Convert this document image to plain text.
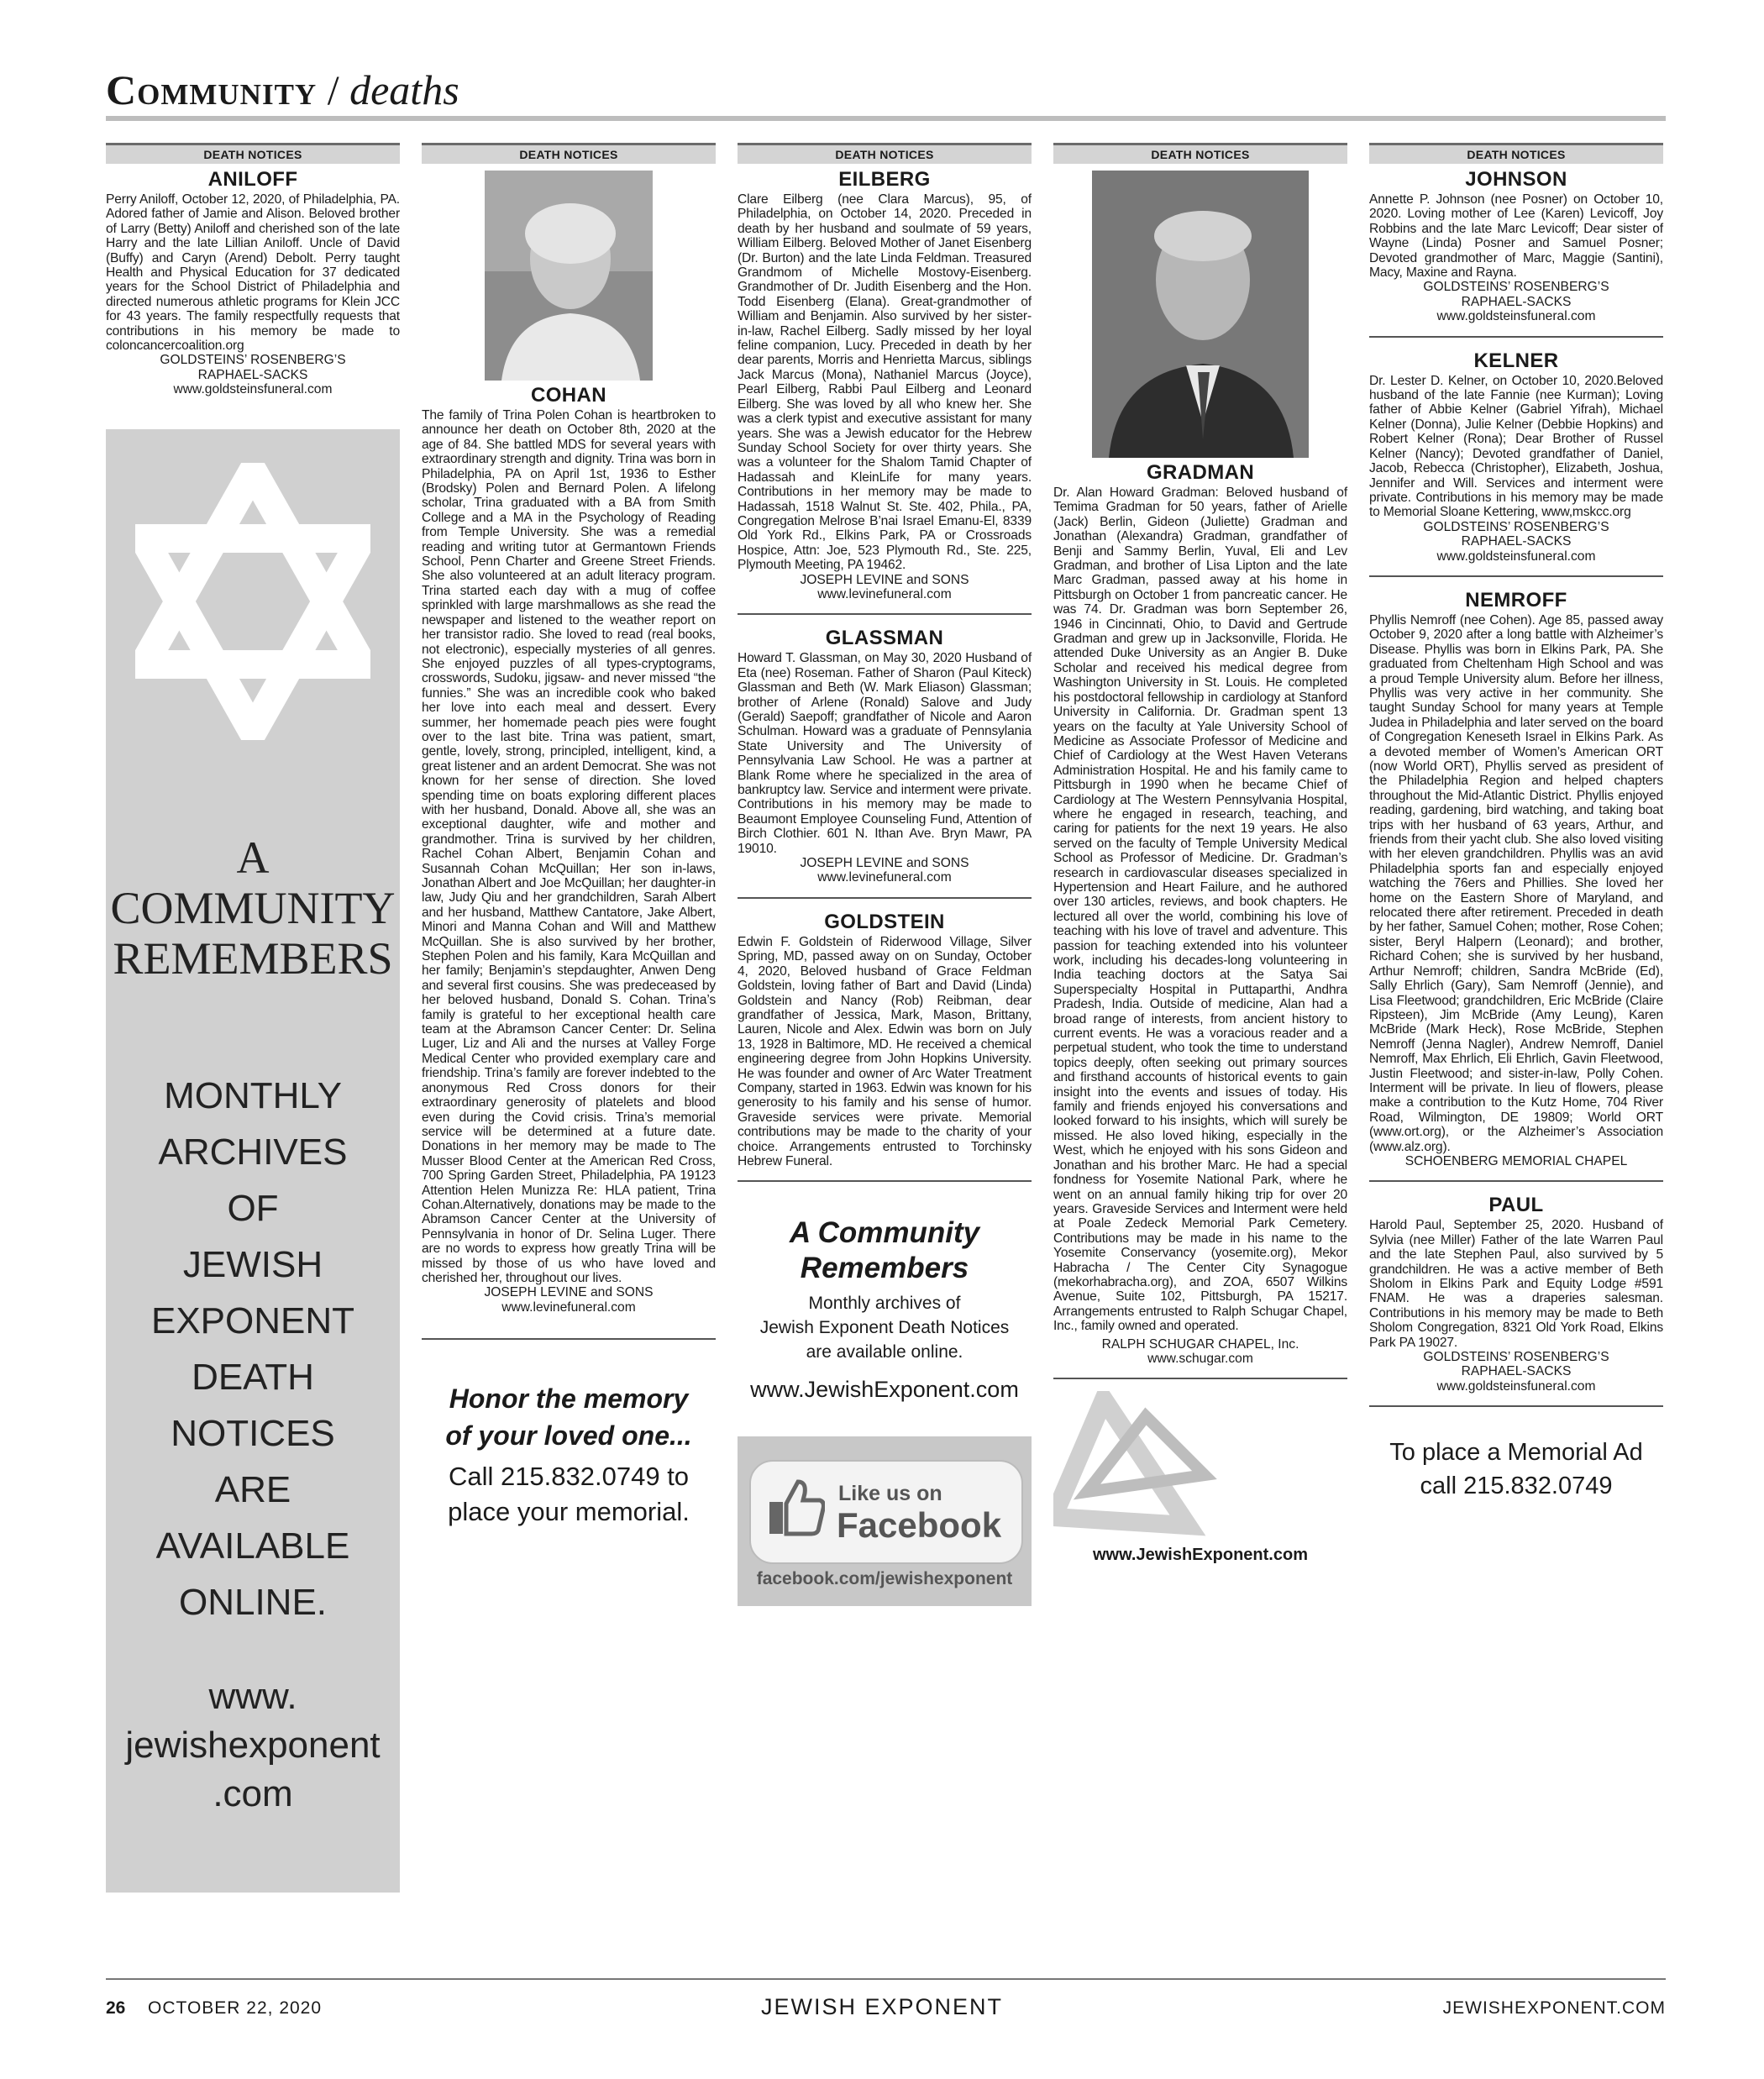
Community / deaths
DEATH NOTICES
ANILOFF

Perry Aniloff, October 12, 2020, of Philadelphia, PA. Adored father of Jamie and Alison. Beloved brother of Larry (Betty) Aniloff and cherished son of the late Harry and the late Lillian Aniloff. Uncle of David (Buffy) and Caryn (Arend) Debolt. Perry taught Health and Physical Education for 37 dedicated years for the School District of Philadelphia and directed numerous athletic programs for Klein JCC for 43 years. The family respectfully requests that contributions in his memory be made to coloncancercoalition.org

GOLDSTEINS’ ROSENBERG’S
RAPHAEL-SACKS
www.goldsteinsfuneral.com
A
COMMUNITY
REMEMBERS
MONTHLY
ARCHIVES
OF
JEWISH
EXPONENT
DEATH
NOTICES
ARE
AVAILABLE
ONLINE.
www.
jewishexponent
.com
DEATH NOTICES
COHAN

The family of Trina Polen Cohan is heartbroken to announce her death on October 8th, 2020 at the age of 84. She battled MDS for several years with extraordinary strength and dignity. Trina was born in Philadelphia, PA on April 1st, 1936 to Esther (Brodsky) Polen and Bernard Polen. A lifelong scholar, Trina graduated with a BA from Smith College and a MA in the Psychology of Reading from Temple University. She was a remedial reading and writing tutor at Germantown Friends School, Penn Charter and Greene Street Friends. She also volunteered at an adult literacy program. Trina started each day with a mug of coffee sprinkled with large marshmallows as she read the newspaper and listened to the weather report on her transistor radio. She loved to read (real books, not electronic), especially mysteries of all genres. She enjoyed puzzles of all types-cryptograms, crosswords, Sudoku, jigsaw- and never missed “the funnies.” She was an incredible cook who baked her love into each meal and dessert. Every summer, her homemade peach pies were fought over to the last bite. Trina was patient, smart, gentle, lovely, strong, principled, intelligent, kind, a great listener and an ardent Democrat. She was not known for her sense of direction. She loved spending time on boats exploring different places with her husband, Donald. Above all, she was an exceptional daughter, wife and mother and grandmother. Trina is survived by her children, Rachel Cohan Albert, Benjamin Cohan and Susannah Cohan McQuillan; Her son in-laws, Jonathan Albert and Joe McQuillan; her daughter-in law, Judy Qiu and her grandchildren, Sarah Albert and her husband, Matthew Cantatore, Jake Albert, Minori and Manna Cohan and Will and Matthew McQuillan. She is also survived by her brother, Stephen Polen and his family, Kara McQuillan and her family; Benjamin’s stepdaughter, Anwen Deng and several first cousins. She was predeceased by her beloved husband, Donald S. Cohan. Trina’s family is grateful to her exceptional health care team at the Abramson Cancer Center: Dr. Selina Luger, Liz and Ali and the nurses at Valley Forge Medical Center who provided exemplary care and friendship. Trina’s family are forever indebted to the anonymous Red Cross donors for their extraordinary generosity of platelets and blood even during the Covid crisis. Trina’s memorial service will be determined at a future date. Donations in her memory may be made to The Musser Blood Center at the American Red Cross, 700 Spring Garden Street, Philadelphia, PA 19123 Attention Helen Munizza Re: HLA patient, Trina Cohan.Alternatively, donations may be made to the Abramson Cancer Center at the University of Pennsylvania in honor of Dr. Selina Luger. There are no words to express how greatly Trina will be missed by those of us who have loved and cherished her, throughout our lives.

JOSEPH LEVINE and SONS
www.levinefuneral.com
Honor the memory
of your loved one...
Call 215.832.0749 to
place your memorial.
DEATH NOTICES
EILBERG

Clare Eilberg (nee Clara Marcus), 95, of Philadelphia, on October 14, 2020. Preceded in death by her husband and soulmate of 59 years, William Eilberg. Beloved Mother of Janet Eisenberg (Dr. Burton) and the late Linda Feldman. Treasured Grandmom of Michelle Mostovy-Eisenberg. Grandmother of Dr. Judith Eisenberg and the Hon. Todd Eisenberg (Elana). Great-grandmother of William and Benjamin. Also survived by her sister-in-law, Rachel Eilberg. Sadly missed by her loyal feline companion, Lucy. Preceded in death by her dear parents, Morris and Henrietta Marcus, siblings Jack Marcus (Mona), Nathaniel Marcus (Joyce), Pearl Eilberg, Rabbi Paul Eilberg and Leonard Eilberg. She was loved by all who knew her. She was a clerk typist and executive assistant for many years. She was a Jewish educator for the Hebrew Sunday School Society for over thirty years. She was a volunteer for the Shalom Tamid Chapter of Hadassah and KleinLife for many years. Contributions in her memory may be made to Hadassah, 1518 Walnut St. Ste. 402, Phila., PA, Congregation Melrose B’nai Israel Emanu-El, 8339 Old York Rd., Elkins Park, PA or Crossroads Hospice, Attn: Joe, 523 Plymouth Rd., Ste. 225, Plymouth Meeting, PA 19462.

JOSEPH LEVINE and SONS
www.levinefuneral.com
GLASSMAN

Howard T. Glassman, on May 30, 2020 Husband of Eta (nee) Roseman. Father of Sharon (Paul Kiteck) Glassman and Beth (W. Mark Eliason) Glassman; brother of Arlene (Ronald) Salove and Judy (Gerald) Saepoff; grandfather of Nicole and Aaron Schulman. Howard was a graduate of Pennsylania State University and The University of Pennsylvania Law School. He was a partner at Blank Rome where he specialized in the area of bankruptcy law. Service and interment were private. Contributions in his memory may be made to Beaumont Employee Counseling Fund, Attention of Birch Clothier. 601 N. Ithan Ave. Bryn Mawr, PA 19010.

JOSEPH LEVINE and SONS
www.levinefuneral.com
GOLDSTEIN

Edwin F. Goldstein of Riderwood Village, Silver Spring, MD, passed away on on Sunday, October 4, 2020, Beloved husband of Grace Feldman Goldstein, loving father of Bart and David (Linda) Goldstein and Nancy (Rob) Reibman, dear grandfather of Jessica, Mark, Mason, Brittany, Lauren, Nicole and Alex. Edwin was born on July 13, 1928 in Baltimore, MD. He received a chemical engineering degree from John Hopkins University. He was founder and owner of Arc Water Treatment Company, started in 1963. Edwin was known for his generosity to his family and his sense of humor. Graveside services were private. Memorial contributions may be made to the charity of your choice. Arrangements entrusted to Torchinsky Hebrew Funeral.

A Community
Remembers
Monthly archives of
Jewish Exponent Death Notices
are available online.
www.JewishExponent.com
Like us on
Facebook
facebook.com/jewishexponent
DEATH NOTICES
GRADMAN

Dr. Alan Howard Gradman: Beloved husband of Temima Gradman for 50 years, father of Arielle (Jack) Berlin, Gideon (Juliette) Gradman and Jonathan (Alexandra) Gradman, grandfather of Benji and Sammy Berlin, Yuval, Eli and Lev Gradman, and brother of Lisa Lipton and the late Marc Gradman, passed away at his home in Pittsburgh on October 1 from pancreatic cancer. He was 74. Dr. Gradman was born September 26, 1946 in Cincinnati, Ohio, to David and Gertrude Gradman and grew up in Jacksonville, Florida. He attended Duke University as an Angier B. Duke Scholar and received his medical degree from Washington University in St. Louis. He completed his postdoctoral fellowship in cardiology at Stanford University in California. Dr. Gradman spent 13 years on the faculty at Yale University School of Medicine as Associate Professor of Medicine and Chief of Cardiology at the West Haven Veterans Administration Hospital. He and his family came to Pittsburgh in 1990 when he became Chief of Cardiology at The Western Pennsylvania Hospital, where he engaged in research, teaching, and caring for patients for the next 19 years. He also served on the faculty of Temple University Medical School as Professor of Medicine. Dr. Gradman’s research in cardiovascular diseases specialized in Hypertension and Heart Failure, and he authored over 130 articles, reviews, and book chapters. He lectured all over the world, combining his love of teaching with his love of travel and adventure. This passion for teaching extended into his volunteer work, including his decades-long volunteering in India teaching doctors at the Satya Sai Superspecialty Hospital in Puttaparthi, Andhra Pradesh, India. Outside of medicine, Alan had a broad range of interests, from ancient history to current events. He was a voracious reader and a perpetual student, who took the time to understand topics deeply, often seeking out primary sources and firsthand accounts of historical events to gain insight into the events and issues of today. His family and friends enjoyed his conversations and looked forward to his insights, which will surely be missed. He also loved hiking, especially in the West, which he enjoyed with his sons Gideon and Jonathan and his brother Marc. He had a special fondness for Yosemite National Park, where he went on an annual family hiking trip for over 20 years. Graveside Services and Interment were held at Poale Zedeck Memorial Park Cemetery. Contributions may be made in his name to the Yosemite Conservancy (yosemite.org), Mekor Habracha / The Center City Synagogue (mekorhabracha.org), and ZOA, 6507 Wilkins Avenue, Suite 102, Pittsburgh, PA 15217. Arrangements entrusted to Ralph Schugar Chapel, Inc., family owned and operated.

RALPH SCHUGAR CHAPEL, Inc.
www.schugar.com
www.JewishExponent.com
DEATH NOTICES
JOHNSON

Annette P. Johnson (nee Posner) on October 10, 2020. Loving mother of Lee (Karen) Levicoff, Joy Robbins and the late Marc Levicoff; Dear sister of Wayne (Linda) Posner and Samuel Posner; Devoted grandmother of Marc, Maggie (Santini), Macy, Maxine and Rayna.

GOLDSTEINS’ ROSENBERG’S
RAPHAEL-SACKS
www.goldsteinsfuneral.com
KELNER

Dr. Lester D. Kelner, on October 10, 2020.Beloved husband of the late Fannie (nee Kurman); Loving father of Abbie Kelner (Gabriel Yifrah), Michael Kelner (Donna), Julie Kelner (Debbie Hopkins) and Robert Kelner (Rona); Dear Brother of Russel Kelner (Nancy); Devoted grandfather of Daniel, Jacob, Rebecca (Christopher), Elizabeth, Joshua, Jennifer and Will. Services and interment were private. Contributions in his memory may be made to Memorial Sloane Kettering, www,mskcc.org

GOLDSTEINS’ ROSENBERG’S
RAPHAEL-SACKS
www.goldsteinsfuneral.com
NEMROFF

Phyllis Nemroff (nee Cohen). Age 85, passed away October 9, 2020 after a long battle with Alzheimer’s Disease. Phyllis was born in Elkins Park, PA. She graduated from Cheltenham High School and was a proud Temple University alum. Before her illness, Phyllis was very active in her community. She taught Sunday School for many years at Temple Judea in Philadelphia and later served on the board of Congregation Keneseth Israel in Elkins Park. As a devoted member of Women’s American ORT (now World ORT), Phyllis served as president of the Philadelphia Region and helped chapters throughout the Mid-Atlantic District. Phyllis enjoyed reading, gardening, bird watching, and taking boat trips with her husband of 63 years, Arthur, and friends from their yacht club. She also loved visiting with her eleven grandchildren. Phyllis was an avid Philadelphia sports fan and especially enjoyed watching the 76ers and Phillies. She loved her home on the Eastern Shore of Maryland, and relocated there after retirement. Preceded in death by her father, Samuel Cohen; mother, Rose Cohen; sister, Beryl Halpern (Leonard); and brother, Richard Cohen; she is survived by her husband, Arthur Nemroff; children, Sandra McBride (Ed), Sally Ehrlich (Gary), Sam Nemroff (Jennie), and Lisa Fleetwood; grandchildren, Eric McBride (Claire Ripsteen), Jim McBride (Amy Leung), Karen McBride (Mark Heck), Rose McBride, Stephen Nemroff (Jenna Nagler), Andrew Nemroff, Daniel Nemroff, Max Ehrlich, Eli Ehrlich, Gavin Fleetwood, Justin Fleetwood; and sister-in-law, Polly Cohen. Interment will be private. In lieu of flowers, please make a contribution to the Kutz Home, 704 River Road, Wilmington, DE 19809; World ORT (www.ort.org), or the Alzheimer’s Association (www.alz.org).

SCHOENBERG MEMORIAL CHAPEL
PAUL

Harold Paul, September 25, 2020. Husband of Sylvia (nee Miller) Father of the late Warren Paul and the late Stephen Paul, also survived by 5 grandchildren. He was a active member of Beth Sholom in Elkins Park and Equity Lodge #591 FNAM. He was a draperies salesman. Contributions in his memory may be made to Beth Sholom Congregation, 8321 Old York Road, Elkins Park PA 19027.

GOLDSTEINS’ ROSENBERG’S
RAPHAEL-SACKS
www.goldsteinsfuneral.com
To place a Memorial Ad
call 215.832.0749
26 OCTOBER 22, 2020	JEWISH EXPONENT	JEWISHEXPONENT.COM
